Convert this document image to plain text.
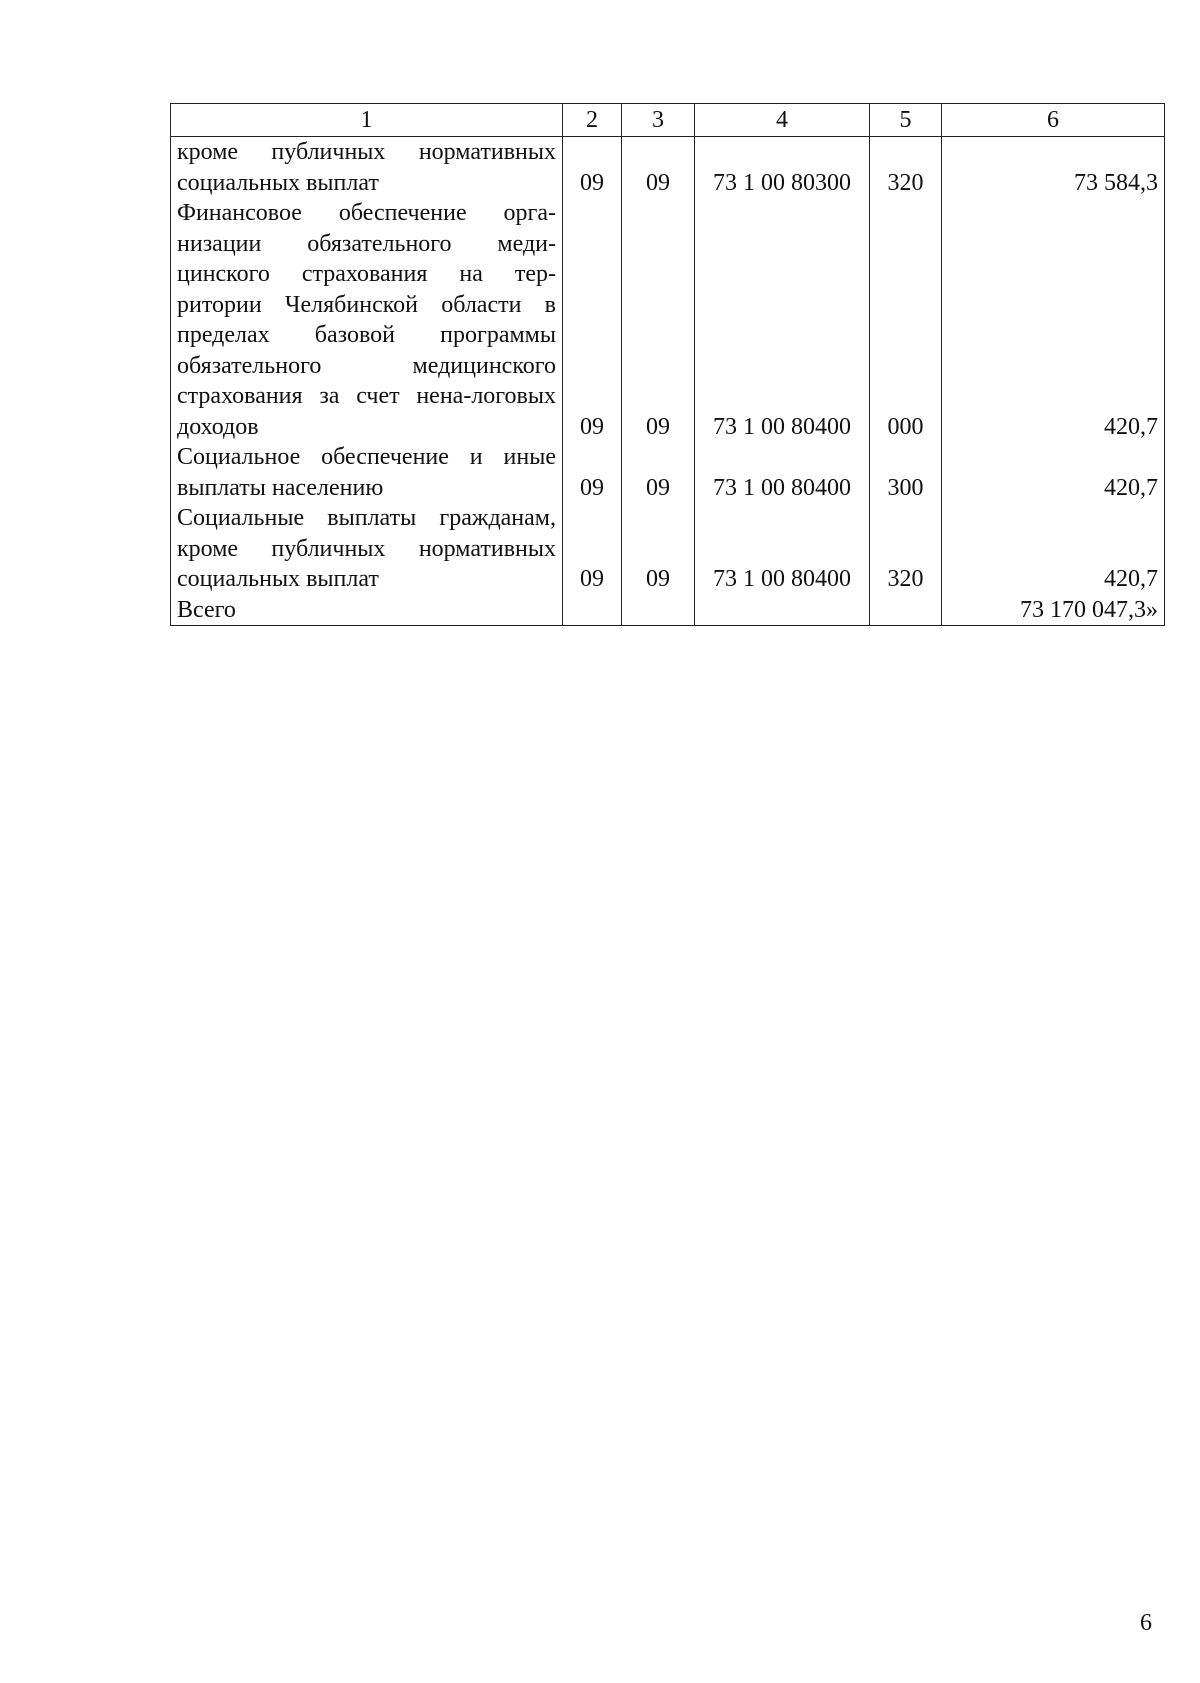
1	2	3	4	5	6
кроме публичных нормативных социальных выплат	09	09	73 1 00 80300	320	73 584,3
Финансовое обеспечение орга-низации обязательного меди-цинского страхования на тер-ритории Челябинской области в пределах базовой программы обязательного медицинского страхования за счет нена-логовых доходов	09	09	73 1 00 80400	000	420,7
Социальное обеспечение и иные выплаты населению	09	09	73 1 00 80400	300	420,7
Социальные выплаты гражданам, кроме публичных нормативных социальных выплат	09	09	73 1 00 80400	320	420,7
Всего					73 170 047,3»
6
